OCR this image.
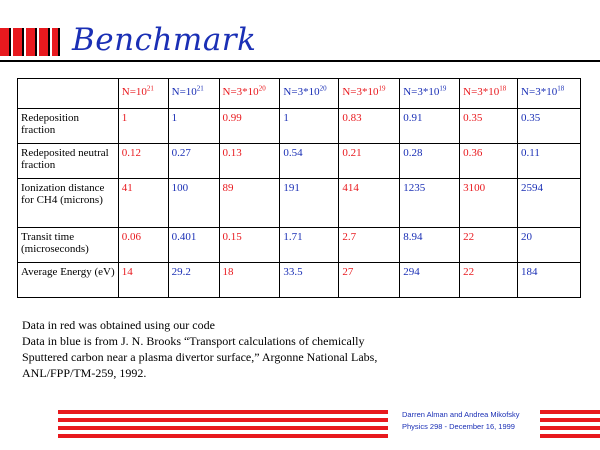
Benchmark
	$N=10^{21}$	$N=10^{21}$	$N=3*10^{20}$	$N=3*10^{20}$	$N=3*10^{19}$	$N=3*10^{19}$	$N=3*10^{18}$	$N=3*10^{18}$
Redeposition fraction	1	1	0.99	1	0.83	0.91	0.35	0.35
Redeposited neutral fraction	0.12	0.27	0.13	0.54	0.21	0.28	0.36	0.11
Ionization distance for CH4 (microns)	41	100	89	191	414	1235	3100	2594
Transit time (microseconds)	0.06	0.401	0.15	1.71	2.7	8.94	22	20
Average Energy (eV)	14	29.2	18	33.5	27	294	22	184
Data in red was obtained using our code
Data in blue is from J. N. Brooks “Transport calculations of chemically
Sputtered carbon near a plasma divertor surface,” Argonne National Labs,
ANL/FPP/TM-259, 1992.
Darren Alman and Andrea Mikofsky
Physics 298 - December 16, 1999
